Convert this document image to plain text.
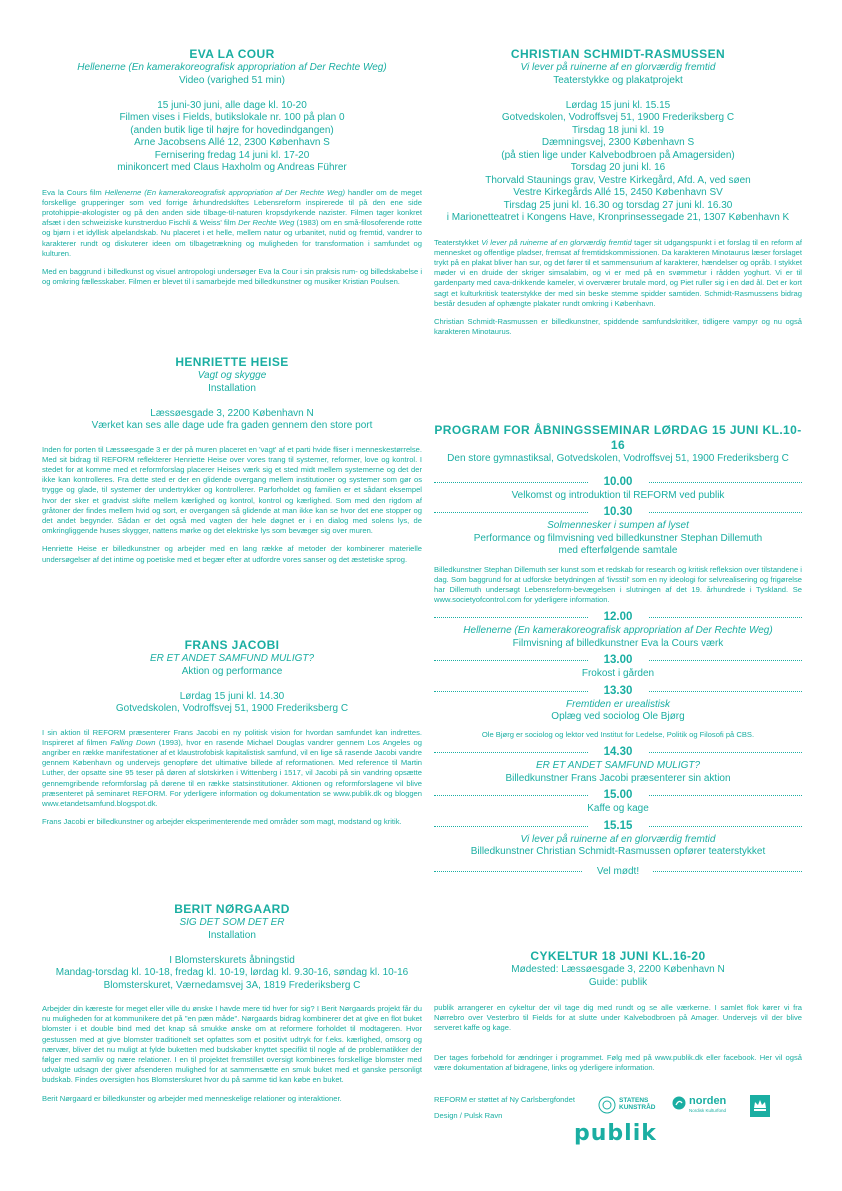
EVA LA COUR
Hellenerne (En kamerakoreografisk appropriation af Der Rechte Weg)
Video (varighed 51 min)
15 juni-30 juni, alle dage kl. 10-20
Filmen vises i Fields, butikslokale nr. 100 på plan 0
(anden butik lige til højre for hovedindgangen)
Arne Jacobsens Allé 12, 2300 København S
Fernisering fredag 14 juni kl. 17-20
minikoncert med Claus Haxholm og Andreas Führer

Eva la Cours film Hellenerne (En kamerakoreografisk appropriation af Der Rechte Weg) handler om de meget forskellige grupperinger som ved forrige århundredskiftes Lebensreform inspirerede til på den ene side protohippie-økologister og på den anden side tilbage-til-naturen kropsdyrkende nazister. Filmen tager konkret afsæt i den schweiziske kunstnerduo Fischli & Weiss' film Der Rechte Weg (1983) om en små-filosoferende rotte og bjørn i et idyllisk alpelandskab. Nu placeret i et helle, mellem natur og urbanitet, nutid og fremtid, vandrer to karakterer rundt og diskuterer ideen om tilbagetrækning og muligheden for transformation i samfundet og kulturen.

Med en baggrund i billedkunst og visuel antropologi undersøger Eva la Cour i sin praksis rum- og billedskabelse i og omkring fællesskaber. Filmen er blevet til i samarbejde med billedkunstner og musiker Kristian Poulsen.

HENRIETTE HEISE
Vagt og skygge
Installation
Læssøesgade 3, 2200 København N
Værket kan ses alle dage ude fra gaden gennem den store port

Inden for porten til Læssøesgade 3 er der på muren placeret en 'vagt' af et parti hvide fliser i menneskestørrelse. Med sit bidrag til REFORM reflekterer Henriette Heise over vores trang til systemer, reformer, love og kontrol. I stedet for at komme med et reformforslag placerer Heises værk sig et sted midt mellem systemerne og det der ikke kan kontrolleres. Fra dette sted er der en glidende overgang mellem institutioner og systemer som gør os trygge og glade, til systemer der undertrykker og kontrollerer. Parforholdet og familien er et sådant eksempel hvor der sker et gradvist skifte mellem kærlighed og kontrol, kontrol og kærlighed. Som med den rigdom af gråtoner der findes mellem hvid og sort, er overgangen så glidende at man ikke kan se hvor det ene stopper og det andet begynder. Sådan er det også med vagten der hele døgnet er i en dialog med solens lys, de omkringliggende huses skygger, nattens mørke og det elektriske lys som bevæger sig over muren.

Henriette Heise er billedkunstner og arbejder med en lang række af metoder der kombinerer materielle undersøgelser af det intime og poetiske med et begær efter at udfordre vores sanser og det æstetiske sprog.

FRANS JACOBI
ER ET ANDET SAMFUND MULIGT?
Aktion og performance
Lørdag 15 juni kl. 14.30
Gotvedskolen, Vodroffsvej 51, 1900 Frederiksberg C

I sin aktion til REFORM præsenterer Frans Jacobi en ny politisk vision for hvordan samfundet kan indrettes. Inspireret af filmen Falling Down (1993), hvor en rasende Michael Douglas vandrer gennem Los Angeles og angriber en række manifestationer af et klaustrofobisk kapitalistisk samfund, vil en lige så rasende Jacobi vandre gennem København og undervejs genopføre det ultimative billede af reformationen. Med reference til Martin Luther, der opsatte sine 95 teser på døren af slotskirken i Wittenberg i 1517, vil Jacobi på sin vandring opsætte gennemgribende reformforslag på dørene til en række statsinstitutioner. Aktionen og reformforslagene vil blive præsenteret på seminaret REFORM. For yderligere information og dokumentation se www.publik.dk og bloggen www.etandetsamfund.blogspot.dk.

Frans Jacobi er billedkunstner og arbejder eksperimenterende med områder som magt, modstand og kritik.

BERIT NØRGAARD
SIG DET SOM DET ER
Installation
I Blomsterskurets åbningstid
Mandag-torsdag kl. 10-18, fredag kl. 10-19, lørdag kl. 9.30-16, søndag kl. 10-16
Blomsterskuret, Værnedamsvej 3A, 1819 Frederiksberg C

Arbejder din kæreste for meget eller ville du ønske I havde mere tid hver for sig? I Berit Nørgaards projekt får du nu muligheden for at kommunikere det på "en pæn måde". Nørgaards bidrag kombinerer det at give en flot buket blomster i et double bind med det knap så smukke ønske om at reformere forholdet til modtageren. Hvor gestussen med at give blomster traditionelt set opfattes som et positivt udtryk for f.eks. kærlighed, omsorg og nærvær, bliver det nu muligt at fylde buketten med budskaber knyttet specifikt til nogle af de problematikker der følger med samliv og nære relationer. I en til projektet fremstillet oversigt kombineres forskellige blomster med udvalgte udsagn der giver afsenderen mulighed for at sammensætte en smuk buket med et ganske personligt budskab. Findes oversigten hos Blomsterskuret hvor du på samme tid kan købe en buket.

Berit Nørgaard er billedkunster og arbejder med menneskelige relationer og interaktioner.

CHRISTIAN SCHMIDT-RASMUSSEN
Vi lever på ruinerne af en glorværdig fremtid
Teaterstykke og plakatprojekt
Lørdag 15 juni kl. 15.15
Gotvedskolen, Vodroffsvej 51, 1900 Frederiksberg C
Tirsdag 18 juni kl. 19
Dæmningsvej, 2300 København S
(på stien lige under Kalvebodbroen på Amagersiden)
Torsdag 20 juni kl. 16
Thorvald Staunings grav, Vestre Kirkegård, Afd. A, ved søen
Vestre Kirkegårds Allé 15, 2450 København SV
Tirsdag 25 juni kl. 16.30 og torsdag 27 juni kl. 16.30
i Marionetteatret i Kongens Have, Kronprinsessegade 21, 1307 København K

Teaterstykket Vi lever på ruinerne af en glorværdig fremtid tager sit udgangspunkt i et forslag til en reform af mennesket og offentlige pladser, fremsat af fremtidskommissionen. Da karakteren Minotaurus læser forslaget trykt på en plakat bliver han sur, og det fører til et sammensurium af karakterer, hændelser og opråb. I stykket møder vi en druide der skriger simsalabim, og vi er med på en svømmetur i rådden yoghurt. Vi er til gardenparty med cava-drikkende kameler, vi overværer brutale mord, og Piet ruller sig i en død ål. Det er kort sagt et kulturkritisk teaterstykke der med sin beske stemme spidder samtiden. Schmidt-Rasmussens bidrag består desuden af ophængte plakater rundt omkring i København.

Christian Schmidt-Rasmussen er billedkunstner, spiddende samfundskritiker, tidligere vampyr og nu også karakteren Minotaurus.

PROGRAM FOR ÅBNINGSSEMINAR LØRDAG 15 JUNI KL.10-16
Den store gymnastiksal, Gotvedskolen, Vodroffsvej 51, 1900 Frederiksberg C
10.00
Velkomst og introduktion til REFORM ved publik
10.30
Solmennesker i sumpen af lyset
Performance og filmvisning ved billedkunstner Stephan Dillemuth
med efterfølgende samtale
Billedkunstner Stephan Dillemuth ser kunst som et redskab for research og kritisk refleksion over tilstandene i dag. Som baggrund for at udforske betydningen af 'livsstil' som en ny ideologi for selvrealisering og frigørelse har Dillemuth undersøgt Lebensreform-bevægelsen i slutningen af det 19. århundrede i Tyskland. Se www.societyofcontrol.com for yderligere information.
12.00
Hellenerne (En kamerakoreografisk appropriation af Der Rechte Weg)
Filmvisning af billedkunstner Eva la Cours værk
13.00
Frokost i gården
13.30
Fremtiden er urealistisk
Oplæg ved sociolog Ole Bjørg
Ole Bjørg er sociolog og lektor ved Institut for Ledelse, Politik og Filosofi på CBS.
14.30
ER ET ANDET SAMFUND MULIGT?
Billedkunstner Frans Jacobi præsenterer sin aktion
15.00
Kaffe og kage
15.15
Vi lever på ruinerne af en glorværdig fremtid
Billedkunstner Christian Schmidt-Rasmussen opfører teaterstykket
Vel mødt!
CYKELTUR 18 JUNI KL.16-20
Mødested: Læssøesgade 3, 2200 København N
Guide: publik
publik arrangerer en cykeltur der vil tage dig med rundt og se alle værkerne. I samlet flok kører vi fra Nørrebro over Vesterbro til Fields for at slutte under Kalvebodbroen på Amager. Undervejs vil der blive serveret kaffe og kage.
Der tages forbehold for ændringer i programmet. Følg med på www.publik.dk eller facebook. Her vil også være dokumentation af bidragene, links og yderligere information.
REFORM er støttet af Ny Carlsbergfondet
Design / Pulsk Ravn
STATENS
KUNSTRÅD
norden
Nordisk Kulturfond
publik
